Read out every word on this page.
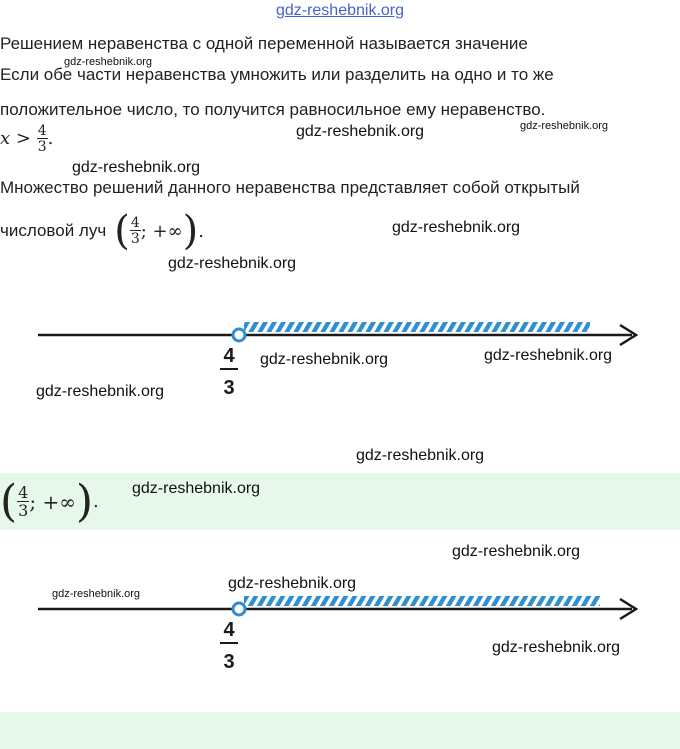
gdz-reshebnik.org
Решением неравенства с одной переменной называется значение
gdz-reshebnik.org
Если обе части неравенства умножить или разделить на одно и то же
положительное число, то получится равносильное ему неравенство.
$x > \frac{4}{3}$ .	gdz-reshebnik.org	gdz-reshebnik.org
gdz-reshebnik.org
Множество решений данного неравенства представляет собой открытый
числовой луч ( $\frac{4}{3}$ ; +∞ ) .	gdz-reshebnik.org
gdz-reshebnik.org
4
3
gdz-reshebnik.org	gdz-reshebnik.org
gdz-reshebnik.org
gdz-reshebnik.org
( $\frac{4}{3}$ ; +∞ ) .
gdz-reshebnik.org
gdz-reshebnik.org
gdz-reshebnik.org
gdz-reshebnik.org
4
3
gdz-reshebnik.org
